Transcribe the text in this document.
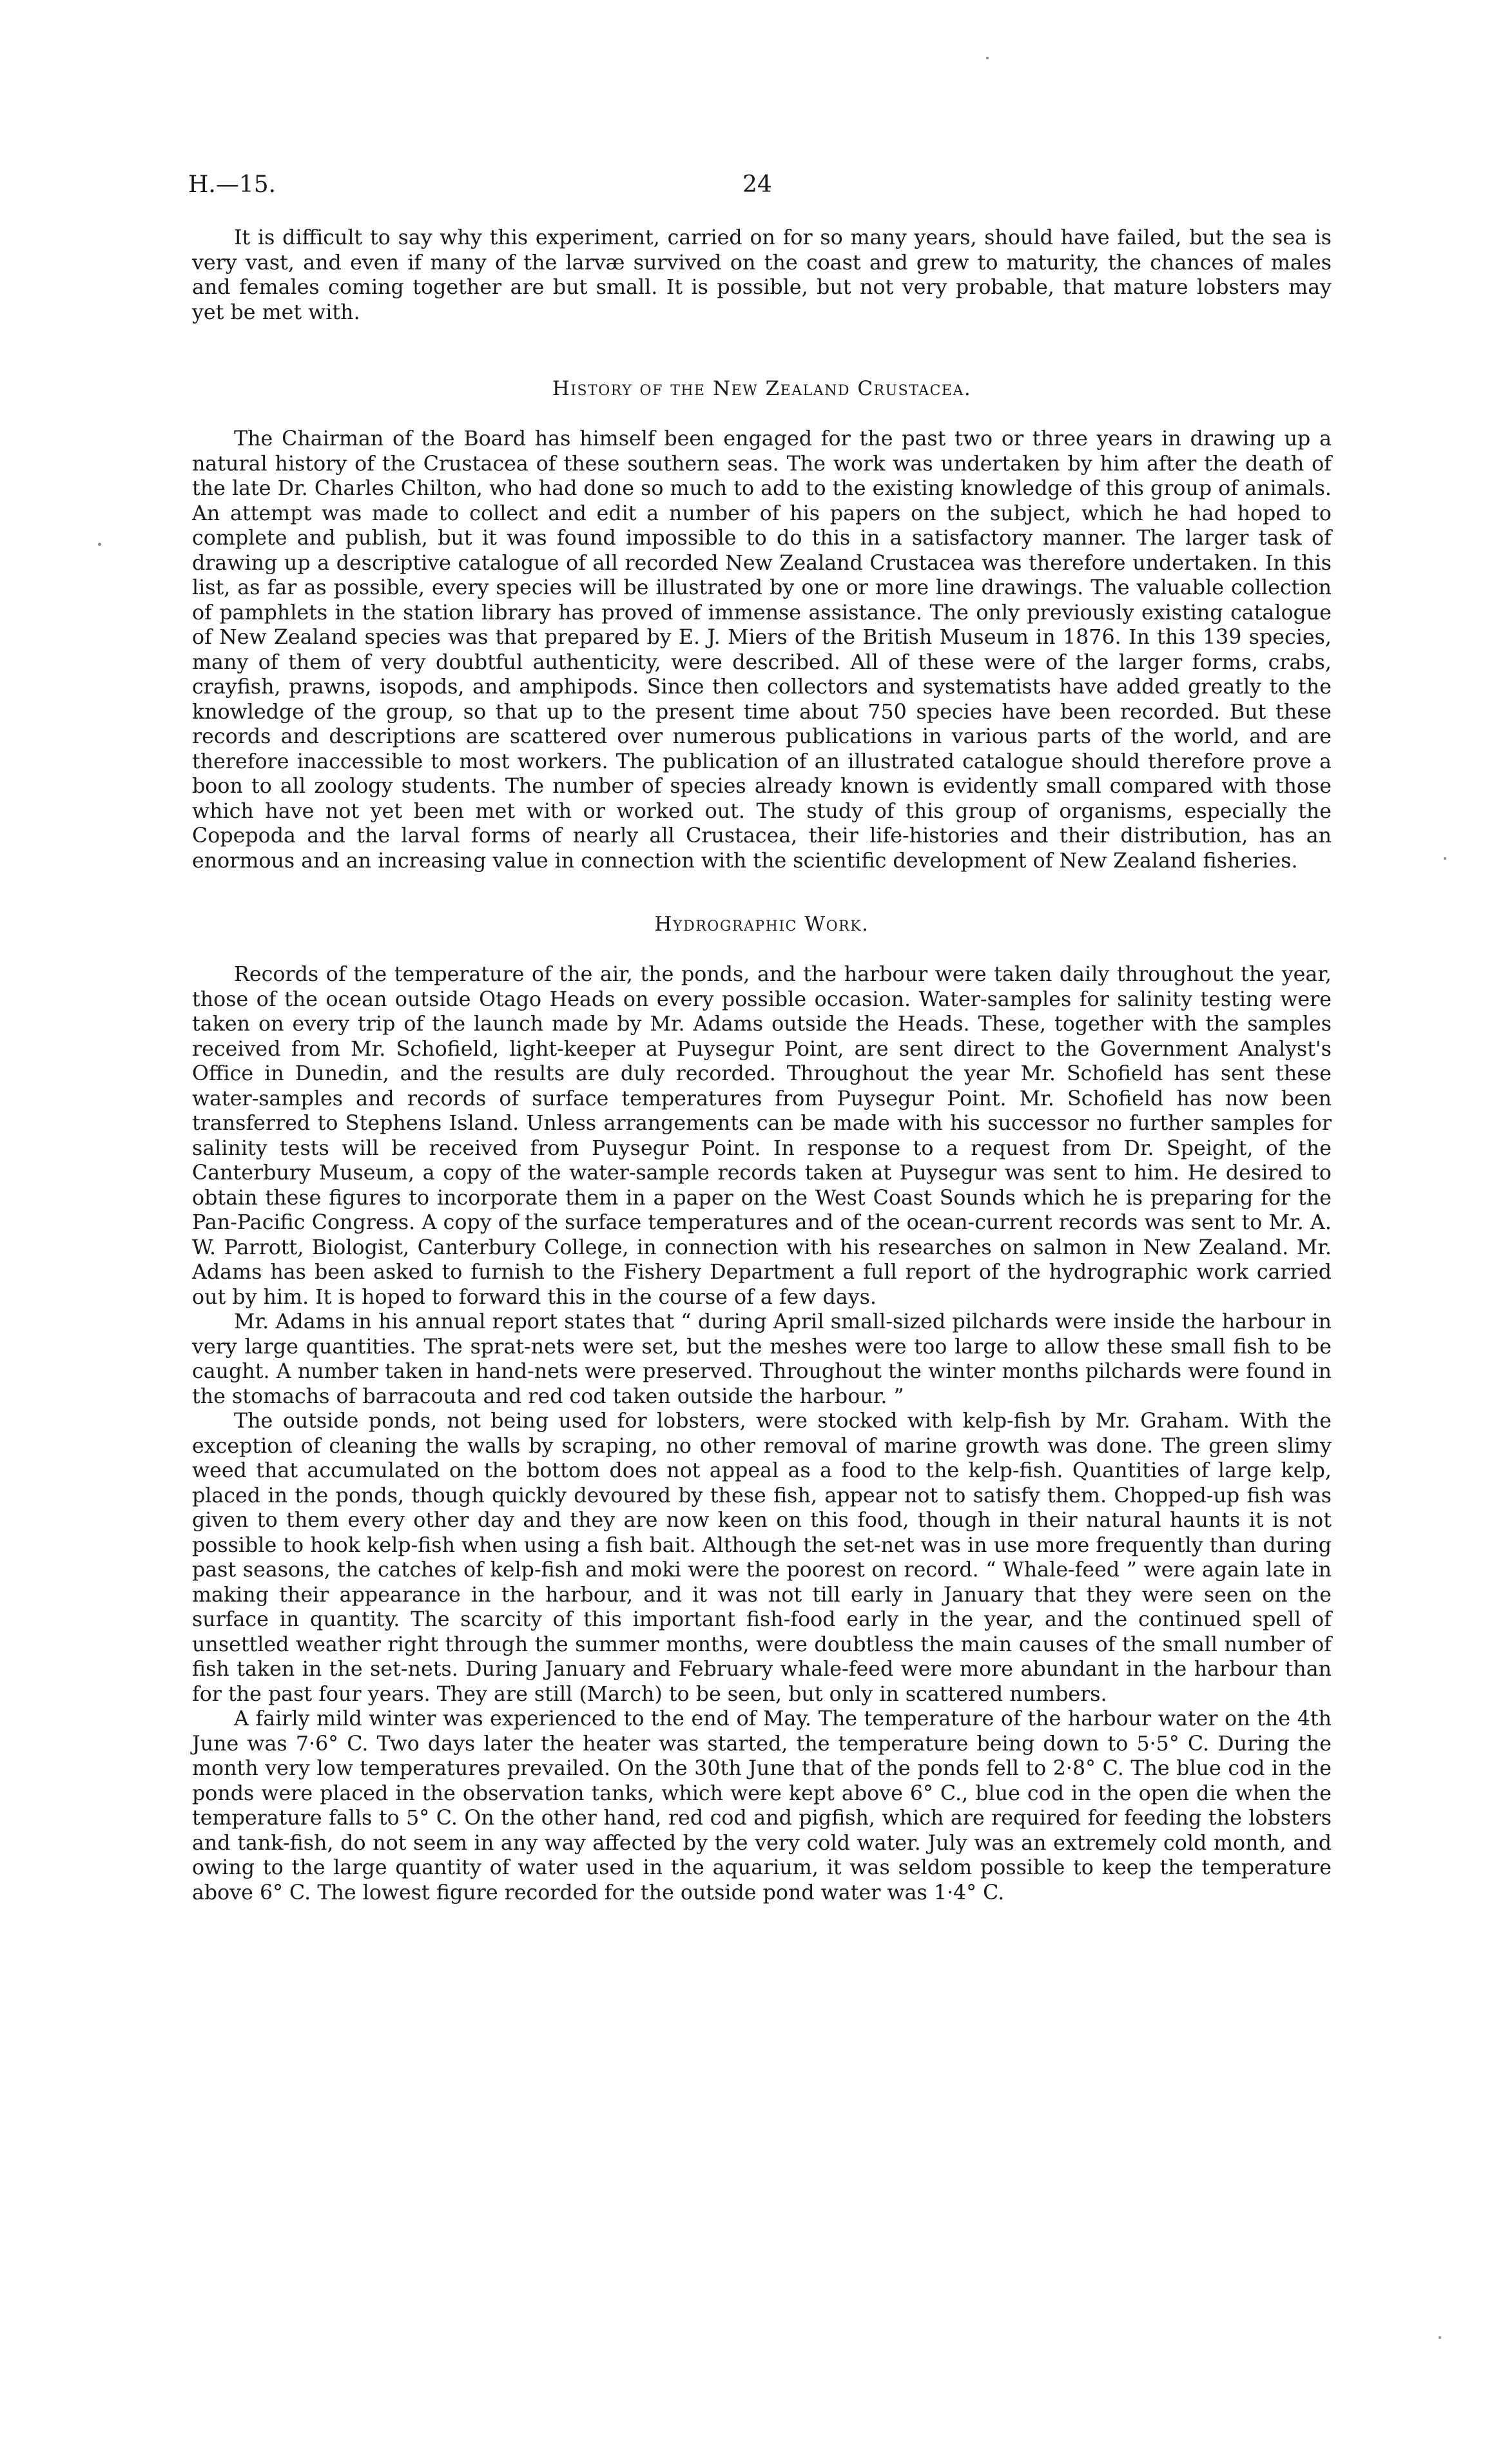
H.—15.	24

It is difficult to say why this experiment, carried on for so many years, should have failed, but the sea is very vast, and even if many of the larvæ survived on the coast and grew to maturity, the chances of males and females coming together are but small. It is possible, but not very probable, that mature lobsters may yet be met with.

History of the New Zealand Crustacea.

The Chairman of the Board has himself been engaged for the past two or three years in drawing up a natural history of the Crustacea of these southern seas. The work was undertaken by him after the death of the late Dr. Charles Chilton, who had done so much to add to the existing knowledge of this group of animals. An attempt was made to collect and edit a number of his papers on the subject, which he had hoped to complete and publish, but it was found impossible to do this in a satisfactory manner. The larger task of drawing up a descriptive catalogue of all recorded New Zealand Crustacea was therefore undertaken. In this list, as far as possible, every species will be illustrated by one or more line drawings. The valuable collection of pamphlets in the station library has proved of immense assistance. The only previously existing catalogue of New Zealand species was that prepared by E. J. Miers of the British Museum in 1876. In this 139 species, many of them of very doubtful authenticity, were described. All of these were of the larger forms, crabs, crayfish, prawns, isopods, and amphipods. Since then collectors and systematists have added greatly to the knowledge of the group, so that up to the present time about 750 species have been recorded. But these records and descriptions are scattered over numerous publications in various parts of the world, and are therefore inaccessible to most workers. The publication of an illustrated catalogue should therefore prove a boon to all zoology students. The number of species already known is evidently small compared with those which have not yet been met with or worked out. The study of this group of organisms, especially the Copepoda and the larval forms of nearly all Crustacea, their life-histories and their distribution, has an enormous and an increasing value in connection with the scientific development of New Zealand fisheries.

Hydrographic Work.

Records of the temperature of the air, the ponds, and the harbour were taken daily throughout the year, those of the ocean outside Otago Heads on every possible occasion. Water-samples for salinity testing were taken on every trip of the launch made by Mr. Adams outside the Heads. These, together with the samples received from Mr. Schofield, light-keeper at Puysegur Point, are sent direct to the Government Analyst's Office in Dunedin, and the results are duly recorded. Throughout the year Mr. Schofield has sent these water-samples and records of surface temperatures from Puysegur Point. Mr. Schofield has now been transferred to Stephens Island. Unless arrangements can be made with his successor no further samples for salinity tests will be received from Puysegur Point. In response to a request from Dr. Speight, of the Canterbury Museum, a copy of the water-sample records taken at Puysegur was sent to him. He desired to obtain these figures to incorporate them in a paper on the West Coast Sounds which he is preparing for the Pan-Pacific Congress. A copy of the surface temperatures and of the ocean-current records was sent to Mr. A. W. Parrott, Biologist, Canterbury College, in connection with his researches on salmon in New Zealand. Mr. Adams has been asked to furnish to the Fishery Department a full report of the hydrographic work carried out by him. It is hoped to forward this in the course of a few days.

Mr. Adams in his annual report states that “ during April small-sized pilchards were inside the harbour in very large quantities. The sprat-nets were set, but the meshes were too large to allow these small fish to be caught. A number taken in hand-nets were preserved. Throughout the winter months pilchards were found in the stomachs of barracouta and red cod taken outside the harbour. ”

The outside ponds, not being used for lobsters, were stocked with kelp-fish by Mr. Graham. With the exception of cleaning the walls by scraping, no other removal of marine growth was done. The green slimy weed that accumulated on the bottom does not appeal as a food to the kelp-fish. Quantities of large kelp, placed in the ponds, though quickly devoured by these fish, appear not to satisfy them. Chopped-up fish was given to them every other day and they are now keen on this food, though in their natural haunts it is not possible to hook kelp-fish when using a fish bait. Although the set-net was in use more frequently than during past seasons, the catches of kelp-fish and moki were the poorest on record. “ Whale-feed ” were again late in making their appearance in the harbour, and it was not till early in January that they were seen on the surface in quantity. The scarcity of this important fish-food early in the year, and the continued spell of unsettled weather right through the summer months, were doubtless the main causes of the small number of fish taken in the set-nets. During January and February whale-feed were more abundant in the harbour than for the past four years. They are still (March) to be seen, but only in scattered numbers.

A fairly mild winter was experienced to the end of May. The temperature of the harbour water on the 4th June was 7·6° C. Two days later the heater was started, the temperature being down to 5·5° C. During the month very low temperatures prevailed. On the 30th June that of the ponds fell to 2·8° C. The blue cod in the ponds were placed in the observation tanks, which were kept above 6° C., blue cod in the open die when the temperature falls to 5° C. On the other hand, red cod and pigfish, which are required for feeding the lobsters and tank-fish, do not seem in any way affected by the very cold water. July was an extremely cold month, and owing to the large quantity of water used in the aquarium, it was seldom possible to keep the temperature above 6° C. The lowest figure recorded for the outside pond water was 1·4° C.
